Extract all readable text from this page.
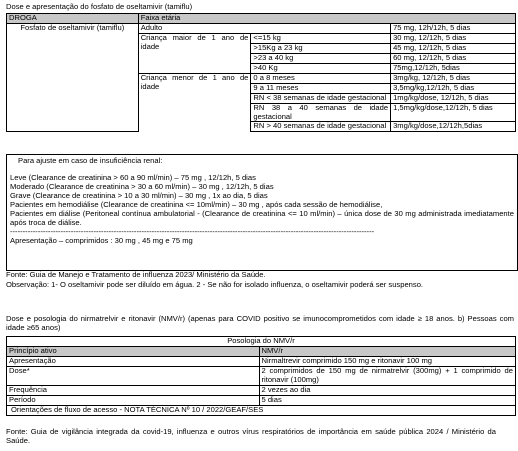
Dose e apresentação do fosfato de oseltamivir (tamiflu)
DROGA	Faixa etária		
Fosfato de oseltamivir (tamiflu)	Adulto		75 mg, 12h/12h, 5 dias
	Criança maior de 1 ano de idade	<=15 kg	30 mg, 12/12h, 5 dias
		>15Kg a 23 kg	45 mg, 12/12h, 5 dias
		>23 a 40 kg	60 mg, 12/12h, 5 dias
		>40 Kg	75mg,12/12h, 5dias
	Criança menor de 1 ano de idade	0 a 8 meses	3mg/kg, 12/12h, 5 dias
		9 a 11 meses	3,5mg/kg,12/12h, 5 dias
		RN < 38 semanas de idade gestacional	1mg/kg/dose, 12/12h, 5 dias
		RN 38 a 40 semanas de idade gestacional	1,5mg/kg/dose,12/12h, 5 dias
		RN > 40 semanas de idade gestacional	3mg/kg/dose,12/12h,5dias

Para ajuste em caso de insuficiência renal:

Leve (Clearance de creatinina > 60 a 90 ml/min) – 75 mg , 12/12h, 5 dias

Moderado (Clearance de creatinina > 30 a 60 ml/min) – 30 mg , 12/12h, 5 dias

Grave (Clearance de creatinina > 10 a 30 ml/min) – 30 mg , 1x ao dia, 5 dias

Pacientes em hemodiálise (Clearance de creatinina <= 10ml/min) – 30 mg , após cada sessão de hemodiálise,

Pacientes em diálise (Peritoneal contínua ambulatorial - (Clearance de creatinina <= 10 ml/min) – única dose de 30 mg administrada imediatamente após troca de diálise.

------------------------------------------------------------------------------------------------------------------------------------------------

Apresentação – comprimidos : 30 mg , 45 mg e 75 mg

Fonte: Guia de Manejo e Tratamento de influenza 2023/ Ministério da Saúde.
Observação: 1- O oseltamivir pode ser diluído em água. 2 - Se não for isolado influenza, o oseltamivir poderá ser suspenso.
Dose e posologia do nirmatrelvir e ritonavir (NMV/r) (apenas para COVID positivo se imunocomprometidos com idade ≥ 18 anos. b) Pessoas com idade ≥65 anos)
Posologia do NMV/r	
Princípio ativo	NMV/r
Apresentação	Nirmaltrevir comprimido 150 mg e ritonavir 100 mg
Dose*	2 comprimidos de 150 mg de nirmatrelvir (300mg) + 1 comprimido de ritonavir (100mg)
Frequência	2 vezes ao dia
Período	5 dias
Orientações de fluxo de acesso - NOTA TÉCNICA Nº 10 / 2022/GEAF/SES	
Fonte: Guia de vigilância integrada da covid-19, influenza e outros vírus respiratórios de importância em saúde pública 2024 / Ministério da Saúde.
